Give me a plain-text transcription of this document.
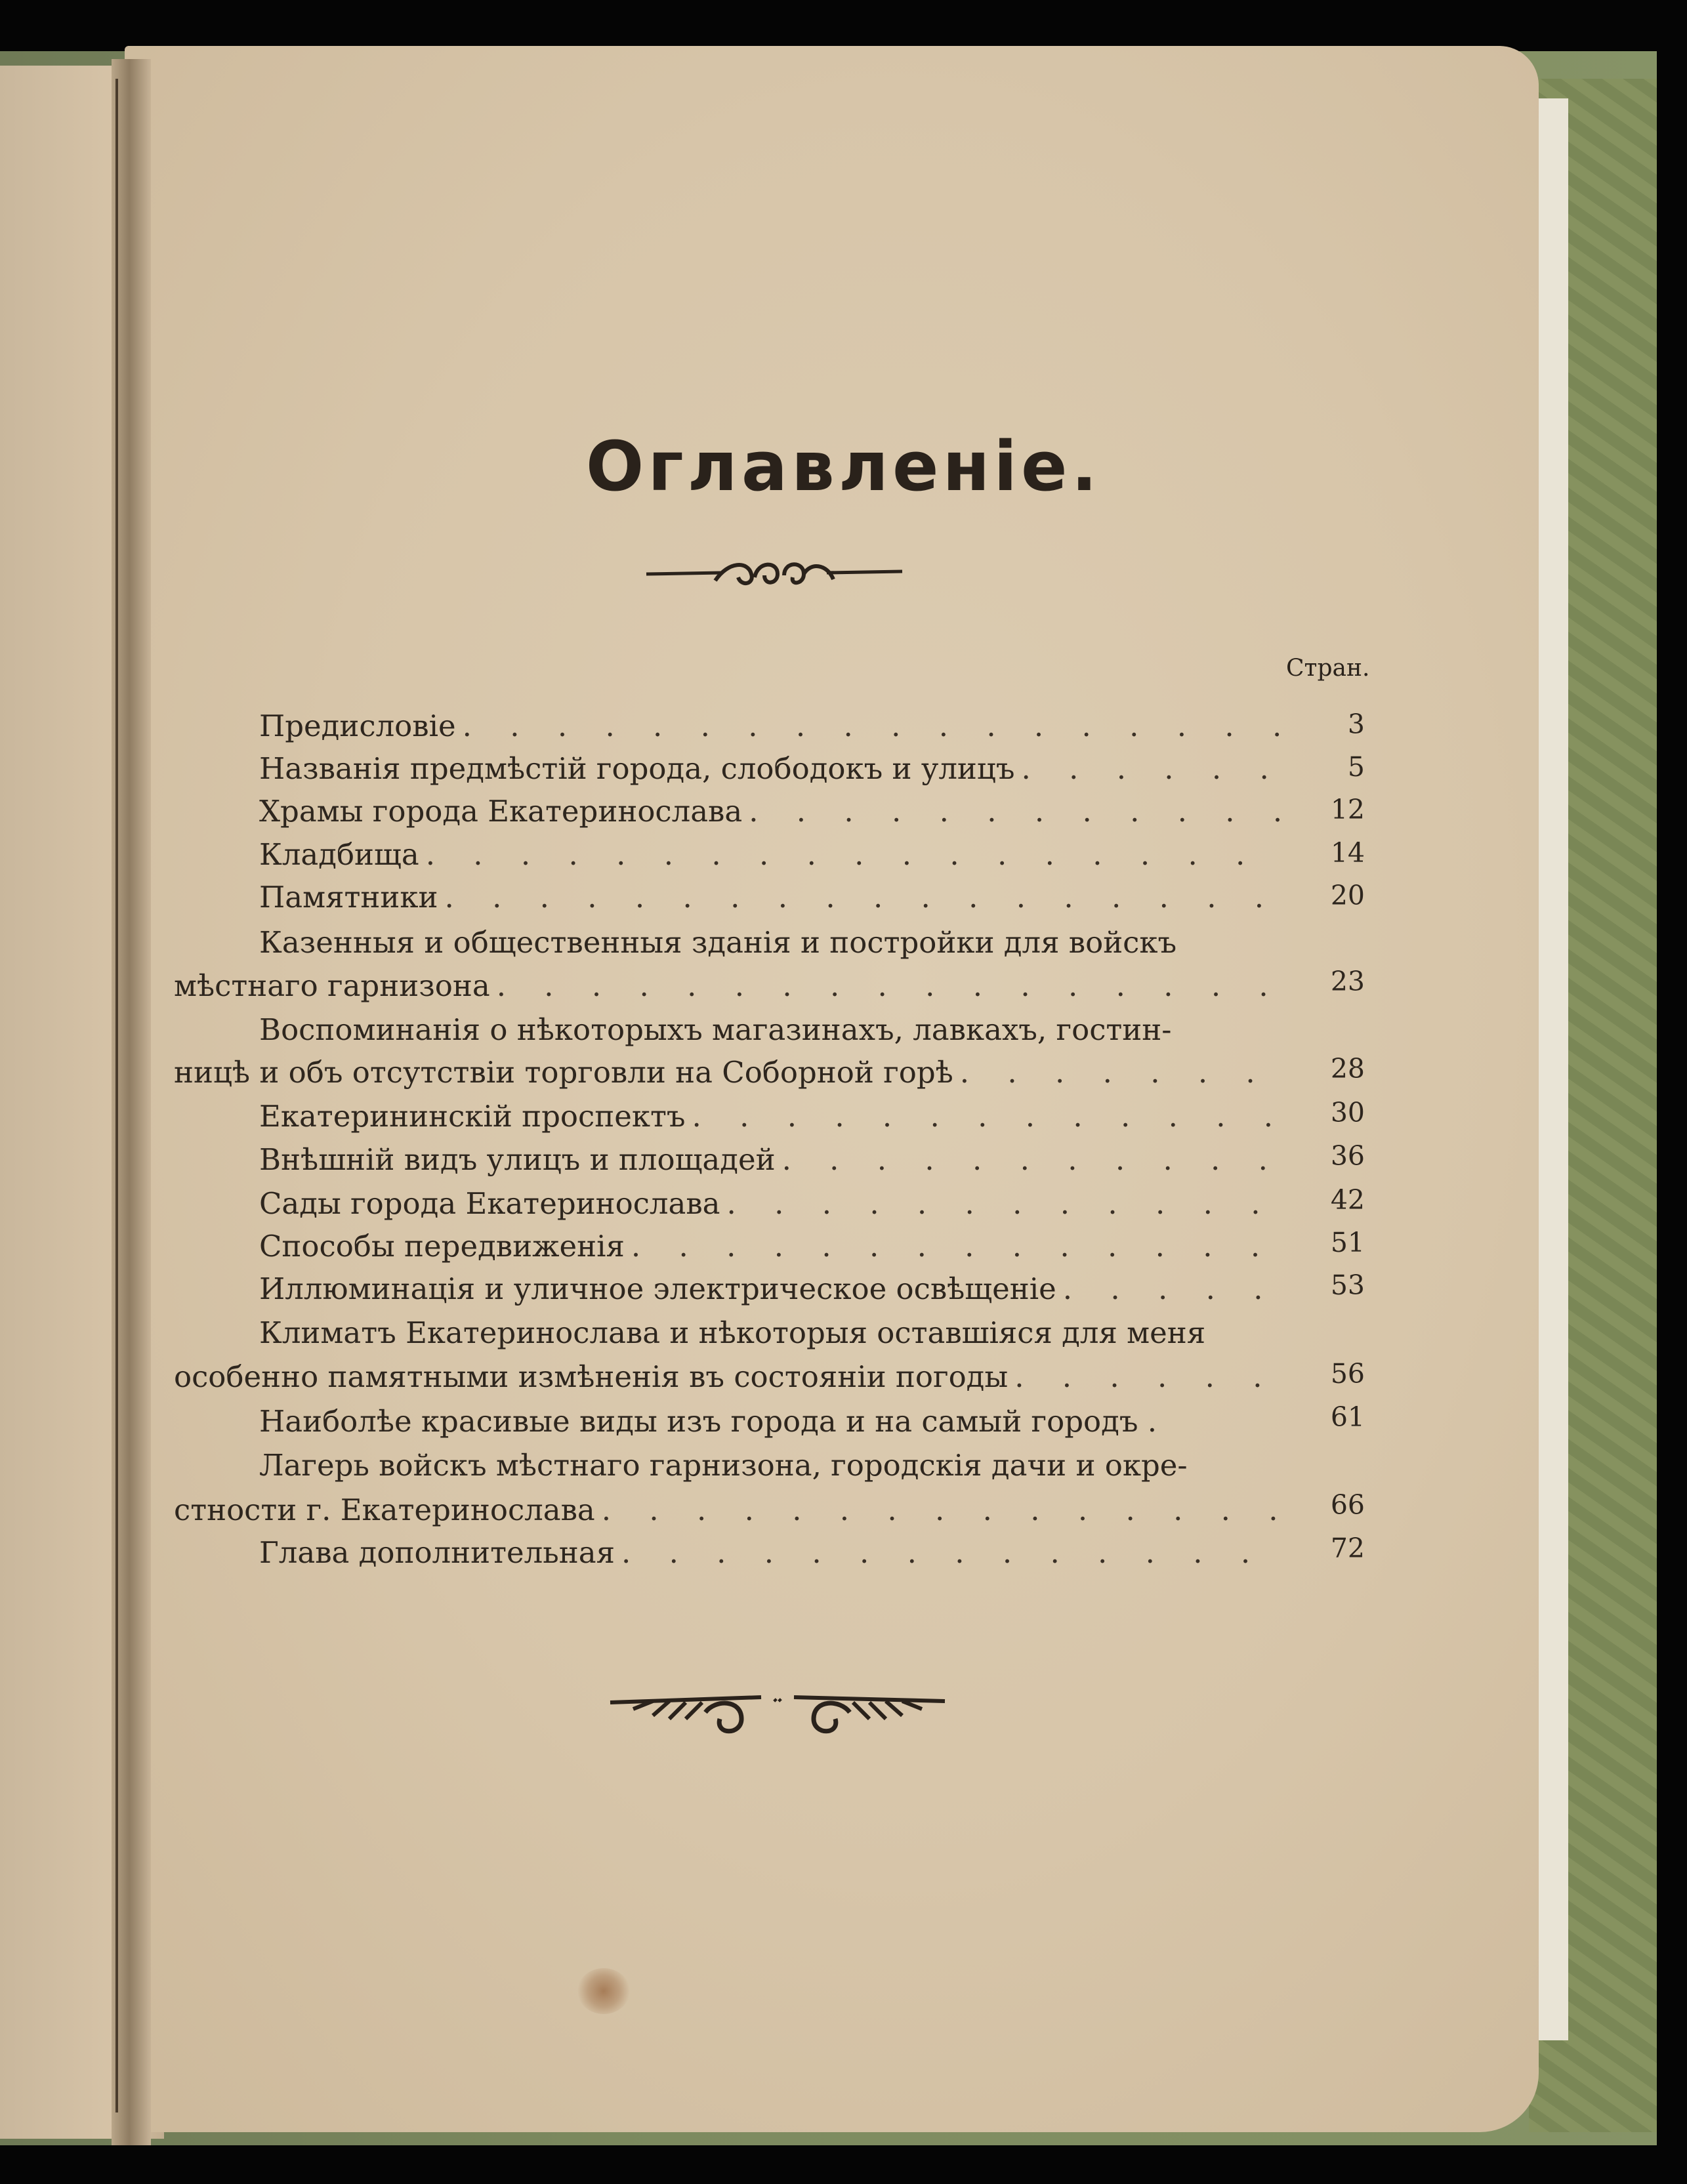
Оглавленіе.
Стран.
Предисловіе . . .	3
Названія предмѣстій города, слободокъ и улицъ . . .	5
Храмы города Екатеринослава . . .	12
Кладбища . . .	14
Памятники . . .	20
Казенныя и общественныя зданія и постройки для войскъ
мѣстнаго гарнизона . . .	23
Воспоминанія о нѣкоторыхъ магазинахъ, лавкахъ, гостин-
ницѣ и объ отсутствіи торговли на Соборной горѣ . . .	28
Екатерининскій проспектъ . . .	30
Внѣшній видъ улицъ и площадей . . .	36
Сады города Екатеринослава . . .	42
Способы передвиженія . . .	51
Иллюминація и уличное электрическое освѣщеніе . . .	53
Климатъ Екатеринослава и нѣкоторыя оставшіяся для меня
особенно памятными измѣненія въ состояніи погоды . . .	56
Наиболѣе красивые виды изъ города и на самый городъ .	61
Лагерь войскъ мѣстнаго гарнизона, городскія дачи и окре-
стности г. Екатеринослава . . .	66
Глава дополнительная . . .	72
